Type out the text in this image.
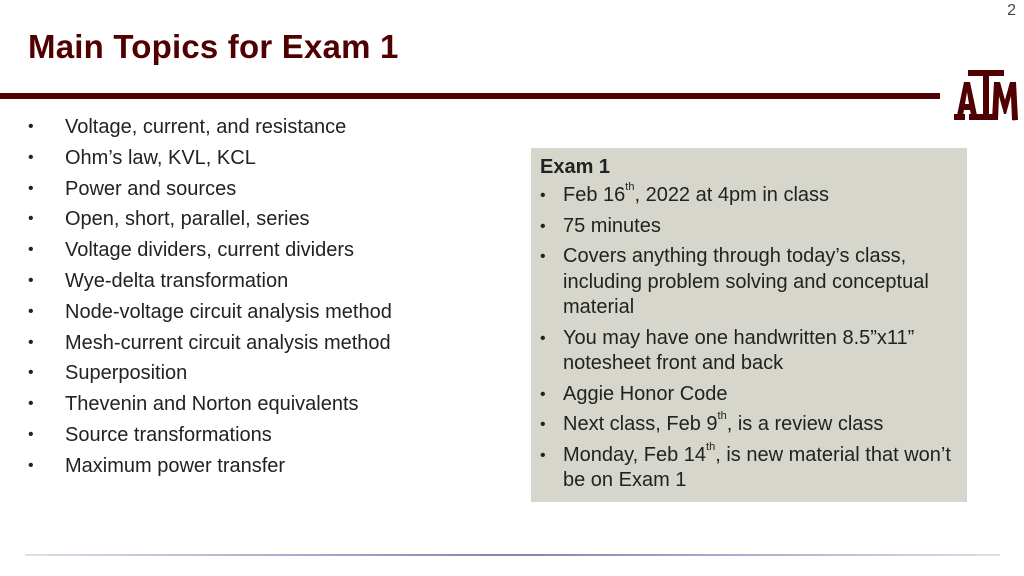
2
Main Topics for Exam 1
®
• Voltage, current, and resistance
• Ohm’s law, KVL, KCL
• Power and sources
• Open, short, parallel, series
• Voltage dividers, current dividers
• Wye-delta transformation
• Node-voltage circuit analysis method
• Mesh-current circuit analysis method
• Superposition
• Thevenin and Norton equivalents
• Source transformations
• Maximum power transfer
Exam 1
• Feb 16th, 2022 at 4pm in class
• 75 minutes
• Covers anything through today’s class, including problem solving and conceptual material
• You may have one handwritten 8.5”x11” notesheet front and back
• Aggie Honor Code
• Next class, Feb 9th, is a review class
• Monday, Feb 14th, is new material that won’t be on Exam 1
